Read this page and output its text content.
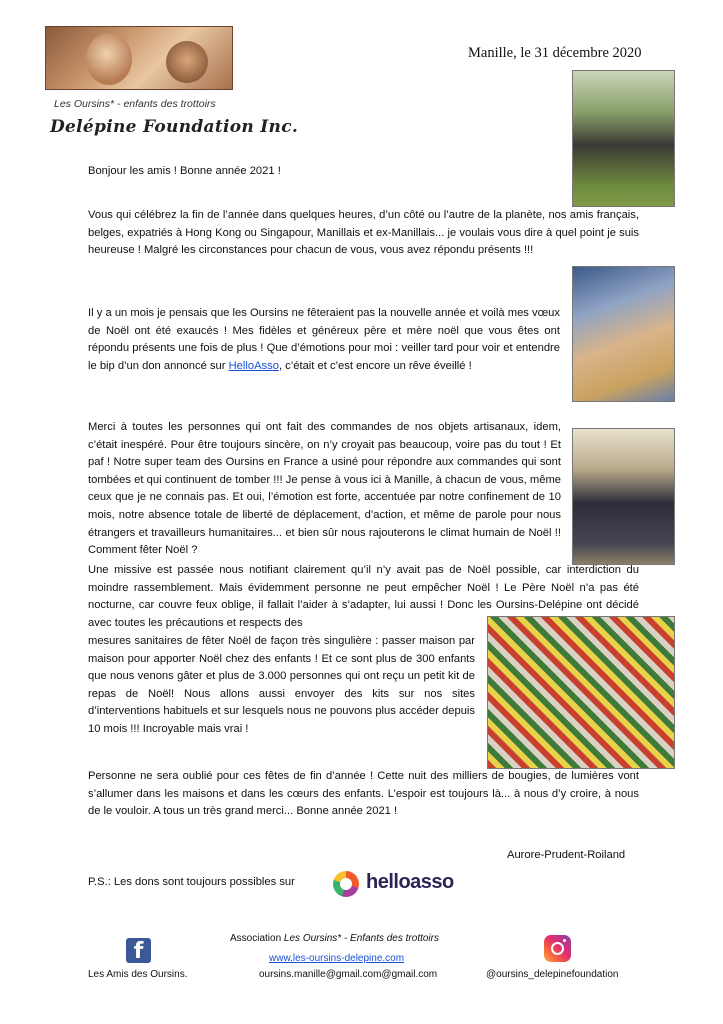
Les Oursins* - enfants des trottoirs
Delépine Foundation Inc.
Manille, le 31 décembre 2020

Bonjour les amis ! Bonne année 2021 !

Vous qui célébrez la fin de l’année dans quelques heures, d’un côté ou l’autre de la planète, nos amis français, belges, expatriés à Hong Kong ou Singapour, Manillais et ex-Manillais... je voulais vous dire à quel point je suis heureuse ! Malgré les circonstances pour chacun de vous, vous avez répondu présents !!!

Il y a un mois je pensais que les Oursins ne fêteraient pas la nouvelle année et voilà mes vœux de Noël ont été exaucés ! Mes fidèles et généreux père et mère noël que vous êtes ont répondu présents une fois de plus ! Que d’émotions pour moi : veiller tard pour voir et entendre le bip d’un don annoncé sur HelloAsso, c’était et c’est encore un rêve éveillé !

Merci à toutes les personnes qui ont fait des commandes de nos objets artisanaux, idem, c’était inespéré. Pour être toujours sincère, on n’y croyait pas beaucoup, voire pas du tout ! Et paf ! Notre super team des Oursins en France a usiné pour répondre aux commandes qui sont tombées et qui continuent de tomber !!! Je pense à vous ici à Manille, à chacun de vous, même ceux que je ne connais pas. Et oui, l’émotion est forte, accentuée par notre confinement de 10 mois, notre absence totale de liberté de déplacement, d’action, et même de parole pour nous étrangers et travailleurs humanitaires... et bien sûr nous rajouterons le climat humain de Noël !! Comment fêter Noël ?

Une missive est passée nous notifiant clairement qu’il n’y avait pas de Noël possible, car interdiction du moindre rassemblement. Mais évidemment personne ne peut empêcher Noël ! Le Père Noël n’a pas été nocturne, car couvre feux oblige, il fallait l’aider à s’adapter, lui aussi ! Donc les Oursins-Delépine ont décidé avec toutes les précautions et respects des

mesures sanitaires de fêter Noël de façon très singulière : passer maison par maison pour apporter Noël chez des enfants ! Et ce sont plus de 300 enfants que nous venons gâter et plus de 3.000 personnes qui ont reçu un petit kit de repas de Noël! Nous allons aussi envoyer des kits sur nos sites d’interventions habituels et sur lesquels nous ne pouvons plus accéder depuis 10 mois !!! Incroyable mais vrai !

Personne ne sera oublié pour ces fêtes de fin d’année ! Cette nuit des milliers de bougies, de lumières vont s’allumer dans les maisons et dans les cœurs des enfants. L’espoir est toujours là... à nous d’y croire, à nous de le vouloir. A tous un très grand merci... Bonne année 2021 !

Aurore-Prudent-Roiland
P.S.: Les dons sont toujours possibles sur	helloasso
Association Les Oursins* - Enfants des trottoirs
f
Les Amis des Oursins.
www.les-oursins-delepine.com
oursins.manille@gmail.com@gmail.com	@oursins_delepinefoundation
